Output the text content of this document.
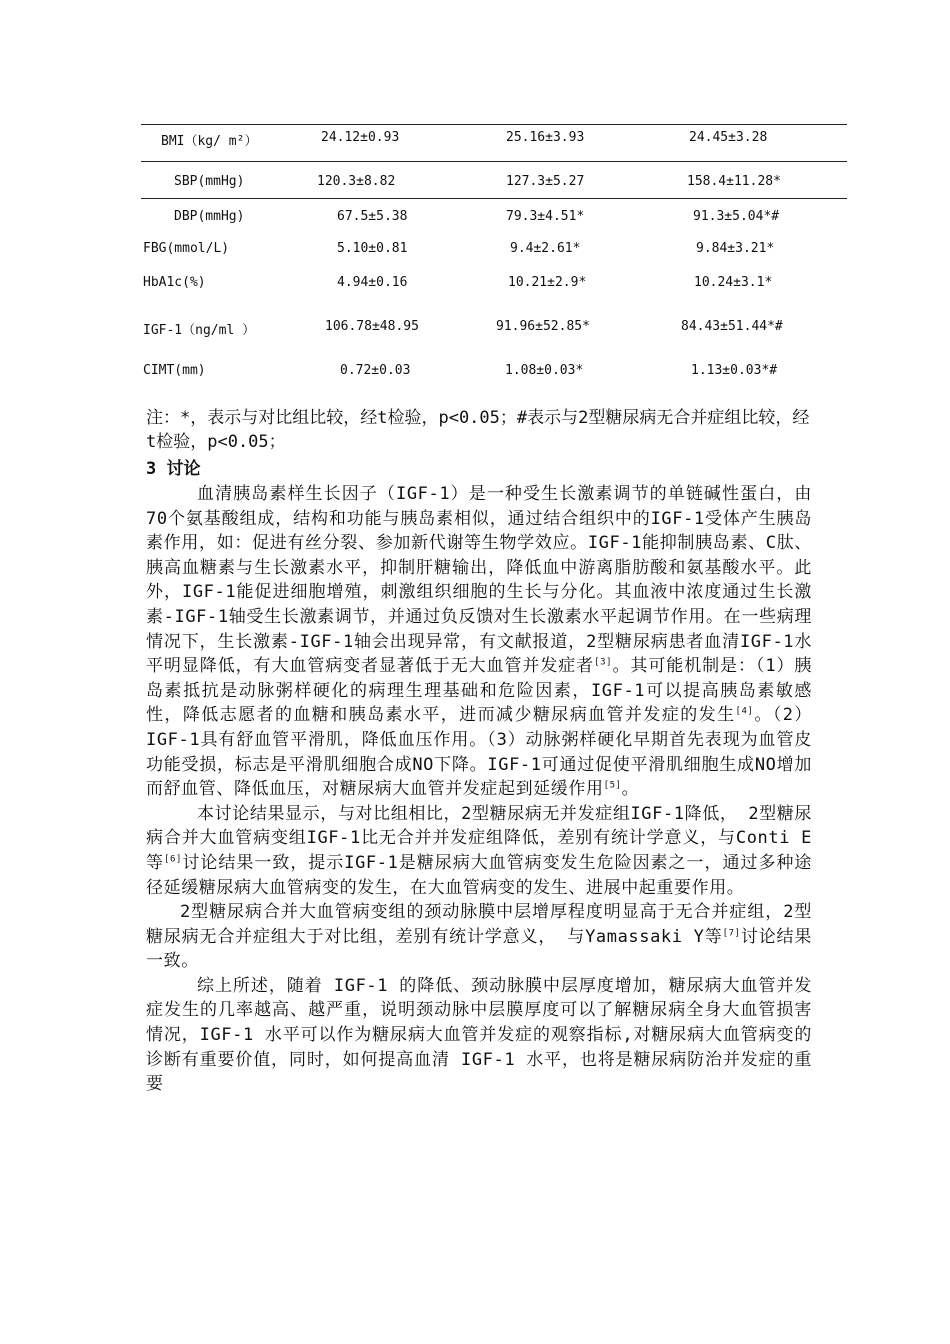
BMI（kg/ m²）	24.12±0.93	25.16±3.93	24.45±3.28
SBP(mmHg)	120.3±8.82	127.3±5.27	158.4±11.28*
DBP(mmHg)	67.5±5.38	79.3±4.51*	91.3±5.04*#
FBG(mmol/L)	5.10±0.81	9.4±2.61*	9.84±3.21*
HbA1c(%)	4.94±0.16	10.21±2.9*	10.24±3.1*
IGF-1（ng/ml ）	106.78±48.95	91.96±52.85*	84.43±51.44*#
CIMT(mm)	0.72±0.03	1.08±0.03*	1.13±0.03*#
注：*，表示与对比组比较，经t检验，p<0.05；#表示与2型糖尿病无合并症组比较，经t检验，p<0.05；
3 讨论

血清胰岛素样生长因子（IGF-1）是一种受生长激素调节的单链碱性蛋白，由70个氨基酸组成，结构和功能与胰岛素相似，通过结合组织中的IGF-1受体产生胰岛素作用，如：促进有丝分裂、参加新代谢等生物学效应。IGF-1能抑制胰岛素、C肽、胰高血糖素与生长激素水平，抑制肝糖输出，降低血中游离脂肪酸和氨基酸水平。此外，IGF-1能促进细胞增殖，刺激组织细胞的生长与分化。其血液中浓度通过生长激素-IGF-1轴受生长激素调节，并通过负反馈对生长激素水平起调节作用。在一些病理情况下，生长激素-IGF-1轴会出现异常，有文献报道，2型糖尿病患者血清IGF-1水平明显降低，有大血管病变者显著低于无大血管并发症者[3]。其可能机制是：（1）胰岛素抵抗是动脉粥样硬化的病理生理基础和危险因素，IGF-1可以提高胰岛素敏感性，降低志愿者的血糖和胰岛素水平，进而减少糖尿病血管并发症的发生[4]。（2）IGF-1具有舒血管平滑肌，降低血压作用。（3）动脉粥样硬化早期首先表现为血管皮功能受损，标志是平滑肌细胞合成NO下降。IGF-1可通过促使平滑肌细胞生成NO增加而舒血管、降低血压，对糖尿病大血管并发症起到延缓作用[5]。

本讨论结果显示，与对比组相比，2型糖尿病无并发症组IGF-1降低， 2型糖尿病合并大血管病变组IGF-1比无合并并发症组降低，差别有统计学意义，与Conti E等[6]讨论结果一致，提示IGF-1是糖尿病大血管病变发生危险因素之一，通过多种途径延缓糖尿病大血管病变的发生，在大血管病变的发生、进展中起重要作用。

2型糖尿病合并大血管病变组的颈动脉膜中层增厚程度明显高于无合并症组，2型糖尿病无合并症组大于对比组，差别有统计学意义， 与Yamassaki Y等[7]讨论结果一致。

综上所述，随着 IGF-1 的降低、颈动脉膜中层厚度增加，糖尿病大血管并发症发生的几率越高、越严重，说明颈动脉中层膜厚度可以了解糖尿病全身大血管损害情况，IGF-1 水平可以作为糖尿病大血管并发症的观察指标,对糖尿病大血管病变的诊断有重要价值，同时，如何提高血清 IGF-1 水平，也将是糖尿病防治并发症的重要
